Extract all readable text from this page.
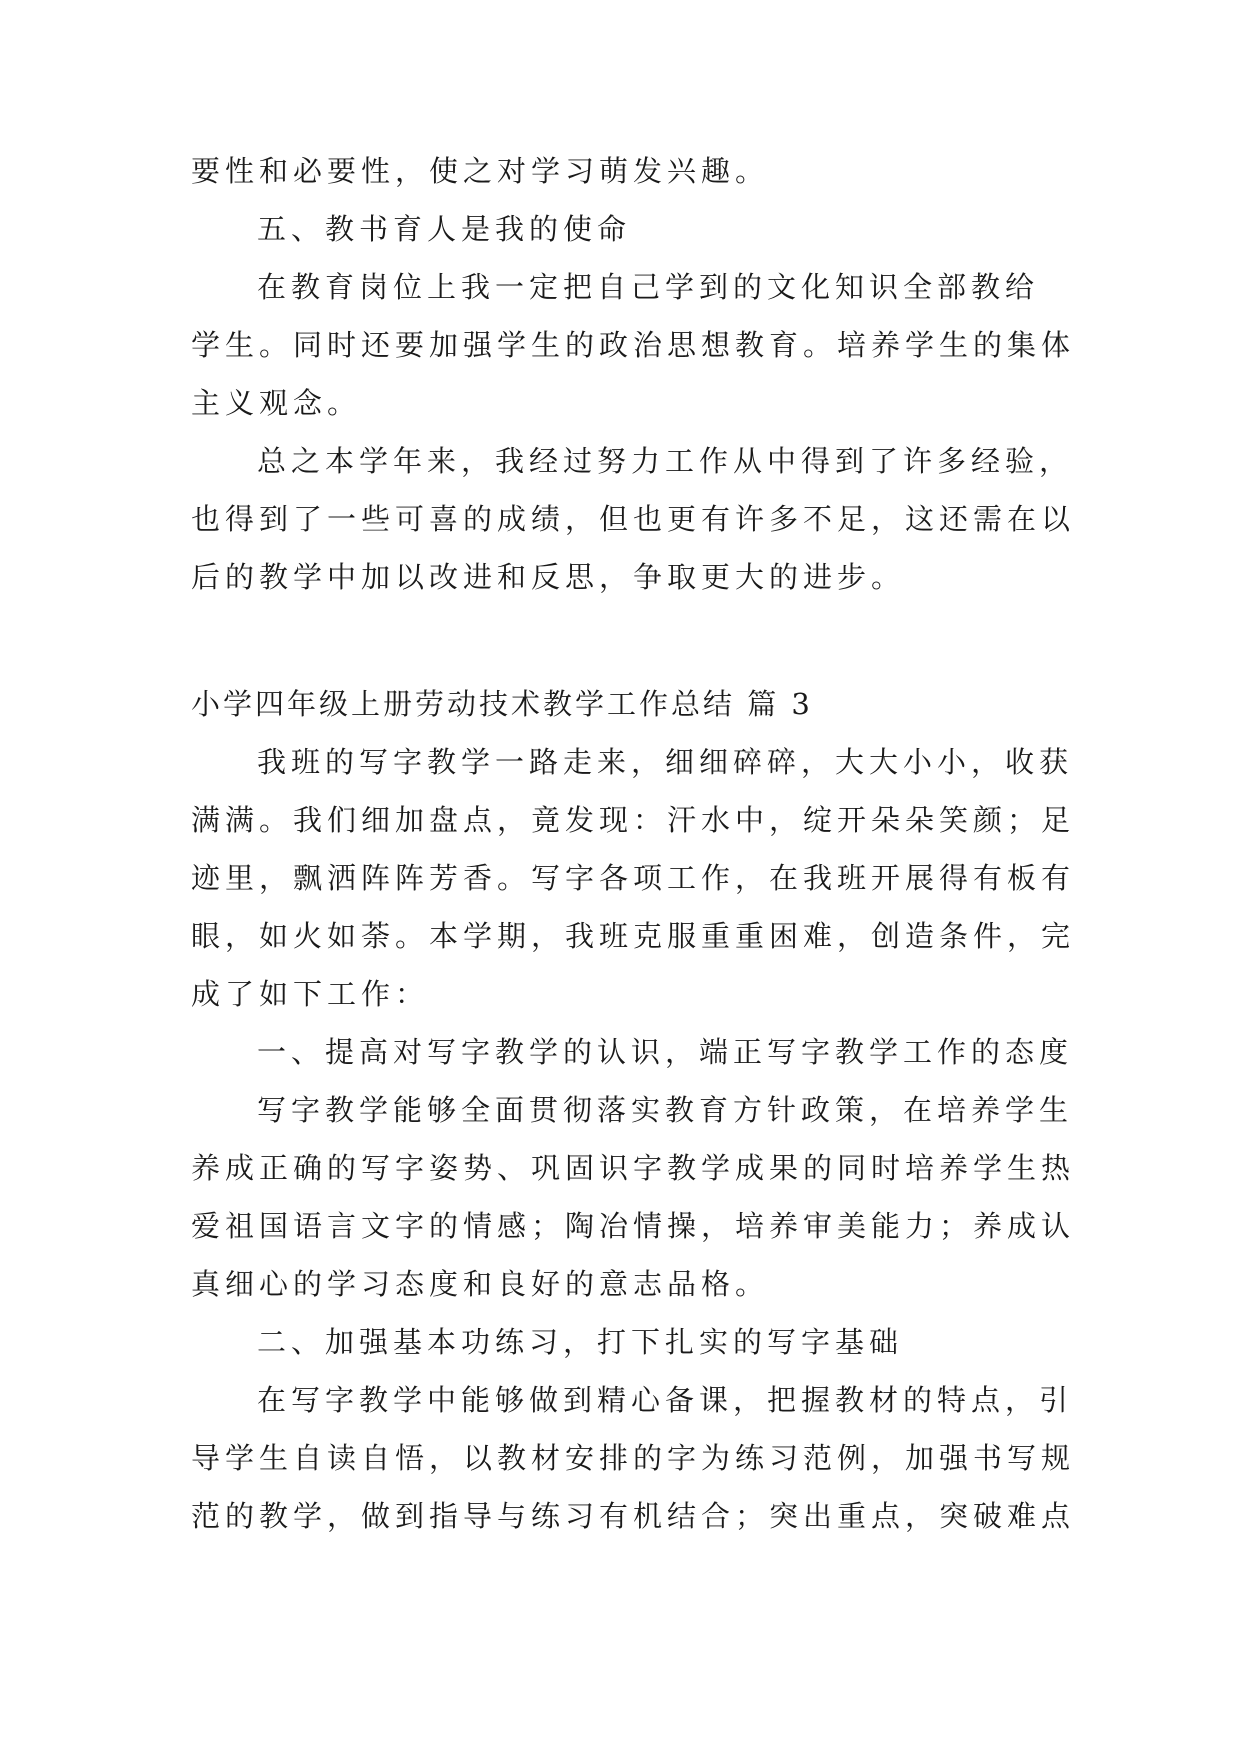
要性和必要性，使之对学习萌发兴趣。
五、教书育人是我的使命
在教育岗位上我一定把自己学到的文化知识全部教给
学生。同时还要加强学生的政治思想教育。培养学生的集体
主义观念。
总之本学年来，我经过努力工作从中得到了许多经验，
也得到了一些可喜的成绩，但也更有许多不足，这还需在以
后的教学中加以改进和反思，争取更大的进步。
小学四年级上册劳动技术教学工作总结 篇 3
我班的写字教学一路走来，细细碎碎，大大小小，收获
满满。我们细加盘点，竟发现：汗水中，绽开朵朵笑颜；足
迹里，飘洒阵阵芳香。写字各项工作，在我班开展得有板有
眼，如火如荼。本学期，我班克服重重困难，创造条件，完
成了如下工作：
一、提高对写字教学的认识，端正写字教学工作的态度
写字教学能够全面贯彻落实教育方针政策，在培养学生
养成正确的写字姿势、巩固识字教学成果的同时培养学生热
爱祖国语言文字的情感；陶冶情操，培养审美能力；养成认
真细心的学习态度和良好的意志品格。
二、加强基本功练习，打下扎实的写字基础
在写字教学中能够做到精心备课，把握教材的特点，引
导学生自读自悟，以教材安排的字为练习范例，加强书写规
范的教学，做到指导与练习有机结合；突出重点，突破难点
